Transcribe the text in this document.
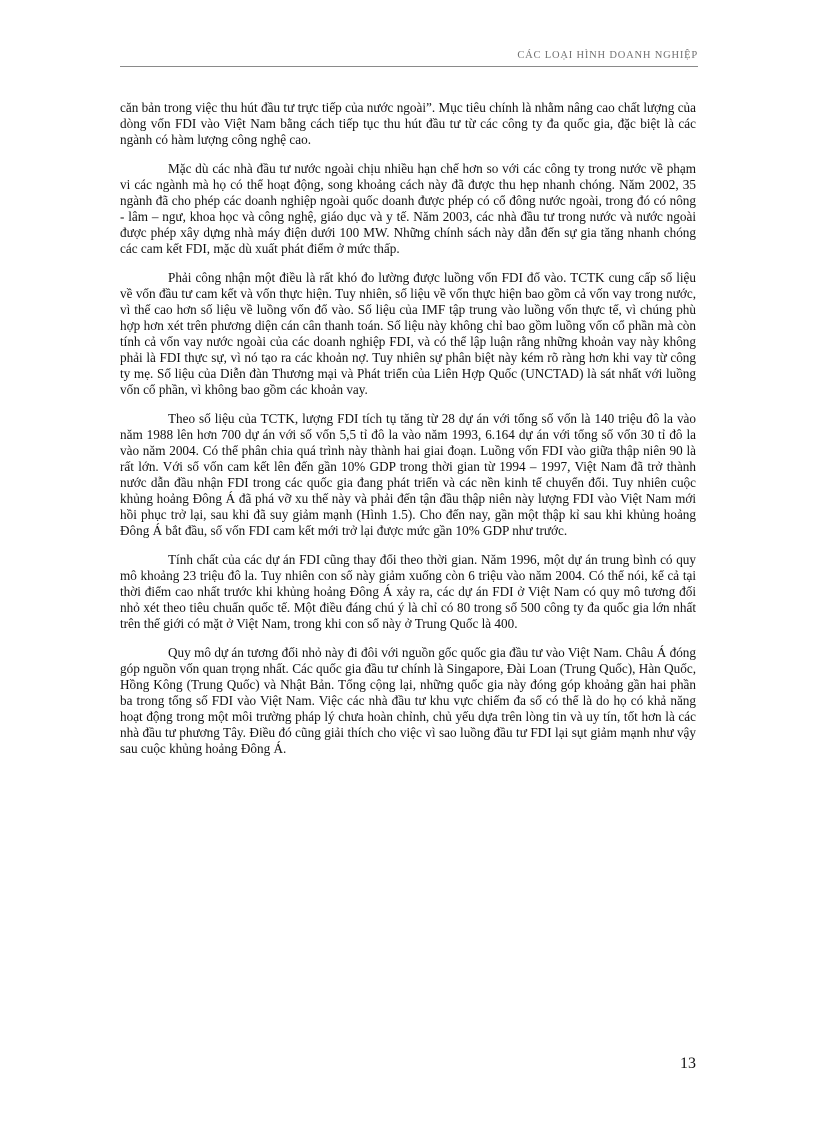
CÁC LOẠI HÌNH DOANH NGHIỆP

căn bản trong việc thu hút đầu tư trực tiếp của nước ngoài”. Mục tiêu chính là nhằm nâng cao chất lượng của dòng vốn FDI vào Việt Nam bằng cách tiếp tục thu hút đầu tư từ các công ty đa quốc gia, đặc biệt là các ngành có hàm lượng công nghệ cao.

Mặc dù các nhà đầu tư nước ngoài chịu nhiều hạn chế hơn so với các công ty trong nước về phạm vi các ngành mà họ có thể hoạt động, song khoảng cách này đã được thu hẹp nhanh chóng. Năm 2002, 35 ngành đã cho phép các doanh nghiệp ngoài quốc doanh được phép có cổ đông nước ngoài, trong đó có nông - lâm – ngư, khoa học và công nghệ, giáo dục và y tế. Năm 2003, các nhà đầu tư trong nước và nước ngoài được phép xây dựng nhà máy điện dưới 100 MW. Những chính sách này dẫn đến sự gia tăng nhanh chóng các cam kết FDI, mặc dù xuất phát điểm ở mức thấp.

Phải công nhận một điều là rất khó đo lường được luồng vốn FDI đổ vào. TCTK cung cấp số liệu về vốn đầu tư cam kết và vốn thực hiện. Tuy nhiên, số liệu về vốn thực hiện bao gồm cả vốn vay trong nước, vì thế cao hơn số liệu về luồng vốn đổ vào. Số liệu của IMF tập trung vào luồng vốn thực tế, vì chúng phù hợp hơn xét trên phương diện cán cân thanh toán. Số liệu này không chỉ bao gồm luồng vốn cổ phần mà còn tính cả vốn vay nước ngoài của các doanh nghiệp FDI, và có thể lập luận rằng những khoản vay này không phải là FDI thực sự, vì nó tạo ra các khoản nợ. Tuy nhiên sự phân biệt này kém rõ ràng hơn khi vay từ công ty mẹ. Số liệu của Diễn đàn Thương mại và Phát triển của Liên Hợp Quốc (UNCTAD) là sát nhất với luồng vốn cổ phần, vì không bao gồm các khoản vay.

Theo số liệu của TCTK, lượng FDI tích tụ tăng từ 28 dự án với tổng số vốn là 140 triệu đô la vào năm 1988 lên hơn 700 dự án với số vốn 5,5 tỉ đô la vào năm 1993, 6.164 dự án với tổng số vốn 30 tỉ đô la vào năm 2004. Có thể phân chia quá trình này thành hai giai đoạn. Luồng vốn FDI vào giữa thập niên 90 là rất lớn. Với số vốn cam kết lên đến gần 10% GDP trong thời gian từ 1994 – 1997, Việt Nam đã trở thành nước dẫn đầu nhận FDI trong các quốc gia đang phát triển và các nền kinh tế chuyển đổi. Tuy nhiên cuộc khủng hoảng Đông Á đã phá vỡ xu thế này và phải đến tận đầu thập niên này lượng FDI vào Việt Nam mới hồi phục trở lại, sau khi đã suy giảm mạnh (Hình 1.5). Cho đến nay, gần một thập kỉ sau khi khủng hoảng Đông Á bắt đầu, số vốn FDI cam kết mới trở lại được mức gần 10% GDP như trước.

Tính chất của các dự án FDI cũng thay đổi theo thời gian. Năm 1996, một dự án trung bình có quy mô khoảng 23 triệu đô la. Tuy nhiên con số này giảm xuống còn 6 triệu vào năm 2004. Có thể nói, kể cả tại thời điểm cao nhất trước khi khủng hoảng Đông Á xảy ra, các dự án FDI ở Việt Nam có quy mô tương đối nhỏ xét theo tiêu chuẩn quốc tế. Một điều đáng chú ý là chỉ có 80 trong số 500 công ty đa quốc gia lớn nhất trên thế giới có mặt ở Việt Nam, trong khi con số này ở Trung Quốc là 400.

Quy mô dự án tương đối nhỏ này đi đôi với nguồn gốc quốc gia đầu tư vào Việt Nam. Châu Á đóng góp nguồn vốn quan trọng nhất. Các quốc gia đầu tư chính là Singapore, Đài Loan (Trung Quốc), Hàn Quốc, Hồng Kông (Trung Quốc) và Nhật Bản. Tổng cộng lại, những quốc gia này đóng góp khoảng gần hai phần ba trong tổng số FDI vào Việt Nam. Việc các nhà đầu tư khu vực chiếm đa số có thể là do họ có khả năng hoạt động trong một môi trường pháp lý chưa hoàn chỉnh, chủ yếu dựa trên lòng tin và uy tín, tốt hơn là các nhà đầu tư phương Tây. Điều đó cũng giải thích cho việc vì sao luồng đầu tư FDI lại sụt giảm mạnh như vậy sau cuộc khủng hoảng Đông Á.

13
